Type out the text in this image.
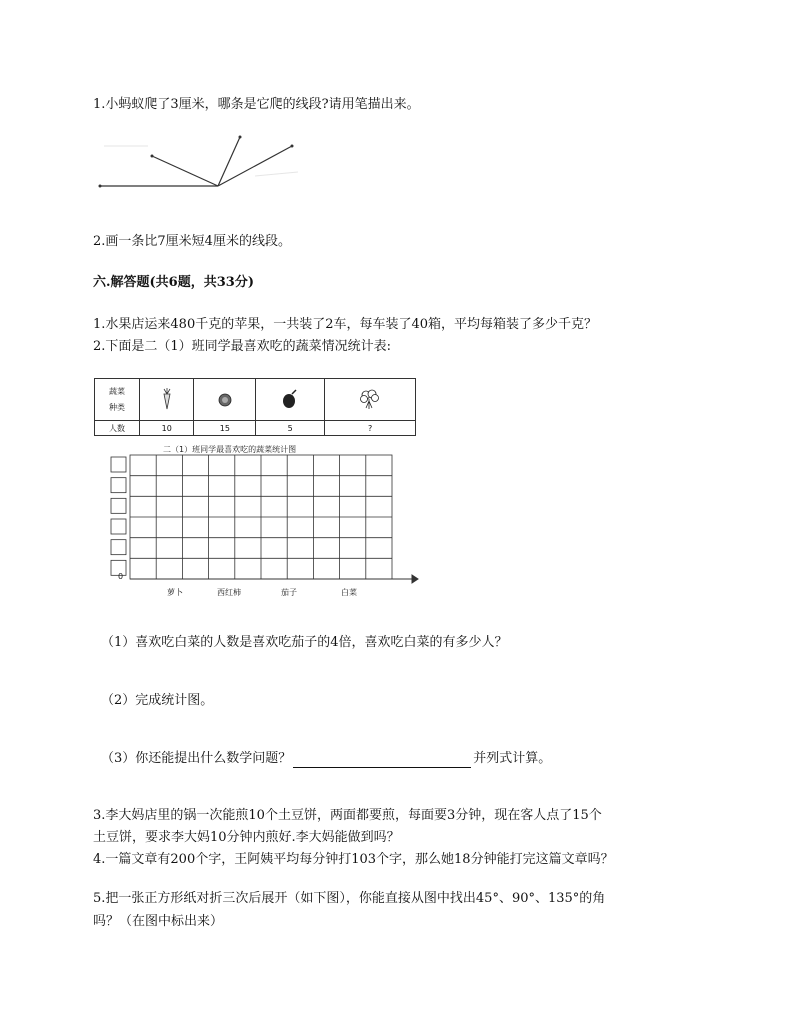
1.小蚂蚁爬了3厘米，哪条是它爬的线段?请用笔描出来。
2.画一条比7厘米短4厘米的线段。
六.解答题(共6题，共33分)
1.水果店运来480千克的苹果，一共装了2车，每车装了40箱，平均每箱装了多少千克？
2.下面是二（1）班同学最喜欢吃的蔬菜情况统计表:
蔬菜
种类

人数	10	15	5	?
二（1）班同学最喜欢吃的蔬菜统计图
0
萝卜	西红柿	茄子	白菜
（1）喜欢吃白菜的人数是喜欢吃茄子的4倍，喜欢吃白菜的有多少人？
（2）完成统计图。
（3）你还能提出什么数学问题？	并列式计算。
3.李大妈店里的锅一次能煎10个土豆饼，两面都要煎，每面要3分钟，现在客人点了15个
土豆饼，要求李大妈10分钟内煎好.李大妈能做到吗？
4.一篇文章有200个字，王阿姨平均每分钟打103个字，那么她18分钟能打完这篇文章吗？
5.把一张正方形纸对折三次后展开（如下图），你能直接从图中找出45°、90°、135°的角
吗？（在图中标出来）
